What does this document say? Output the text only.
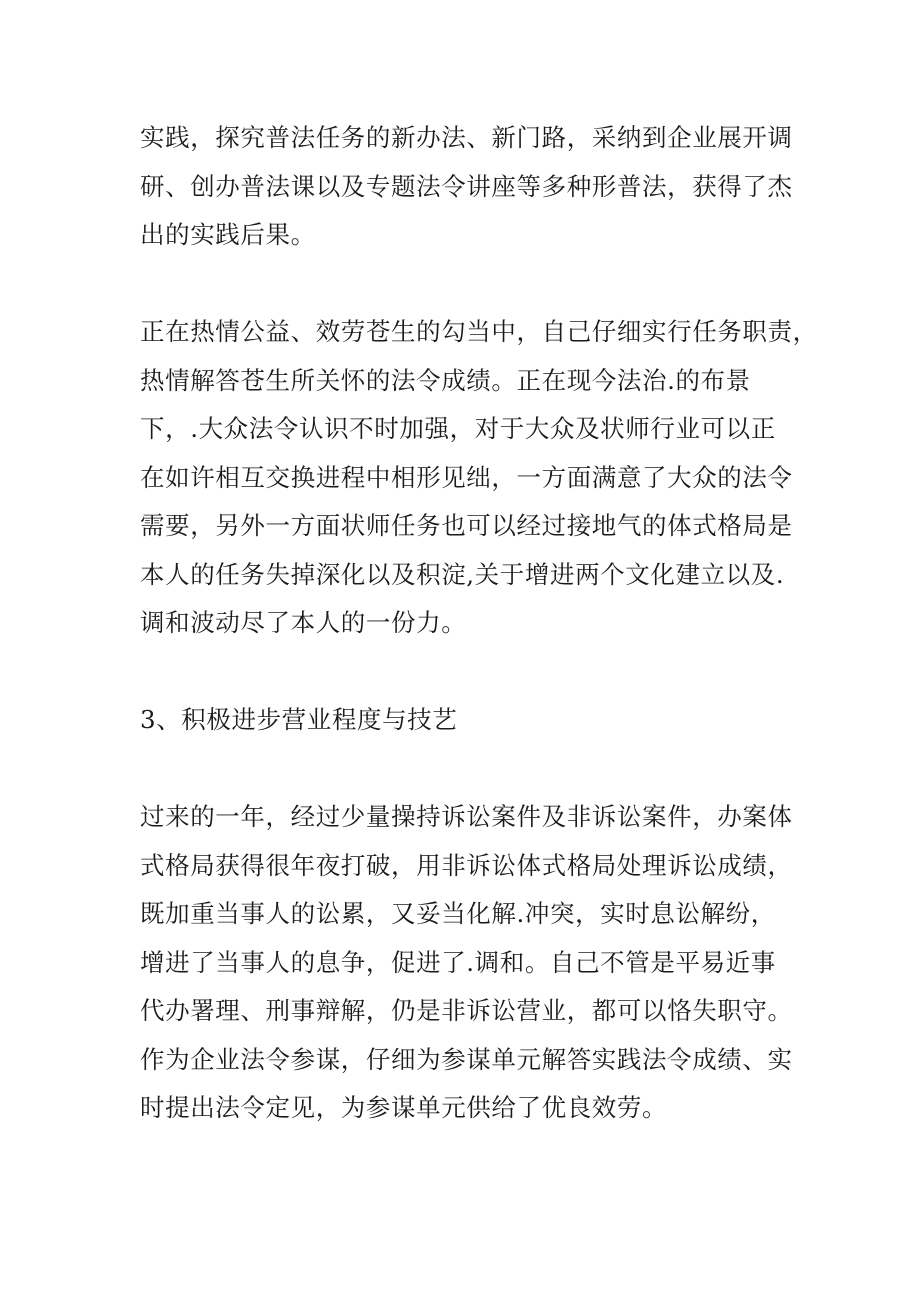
实践，探究普法任务的新办法、新门路，采纳到企业展开调
研、创办普法课以及专题法令讲座等多种形普法，获得了杰
出的实践后果。
正在热情公益、效劳苍生的勾当中，自己仔细实行任务职责，
热情解答苍生所关怀的法令成绩。正在现今法治.的布景
下，.大众法令认识不时加强，对于大众及状师行业可以正
在如许相互交换进程中相形见绌，一方面满意了大众的法令
需要，另外一方面状师任务也可以经过接地气的体式格局是
本人的任务失掉深化以及积淀,关于增进两个文化建立以及.
调和波动尽了本人的一份力。
3、积极进步营业程度与技艺
过来的一年，经过少量操持诉讼案件及非诉讼案件，办案体
式格局获得很年夜打破，用非诉讼体式格局处理诉讼成绩，
既加重当事人的讼累，又妥当化解.冲突，实时息讼解纷，
增进了当事人的息争，促进了.调和。自己不管是平易近事
代办署理、刑事辩解，仍是非诉讼营业，都可以恪失职守。
作为企业法令参谋，仔细为参谋单元解答实践法令成绩、实
时提出法令定见，为参谋单元供给了优良效劳。
